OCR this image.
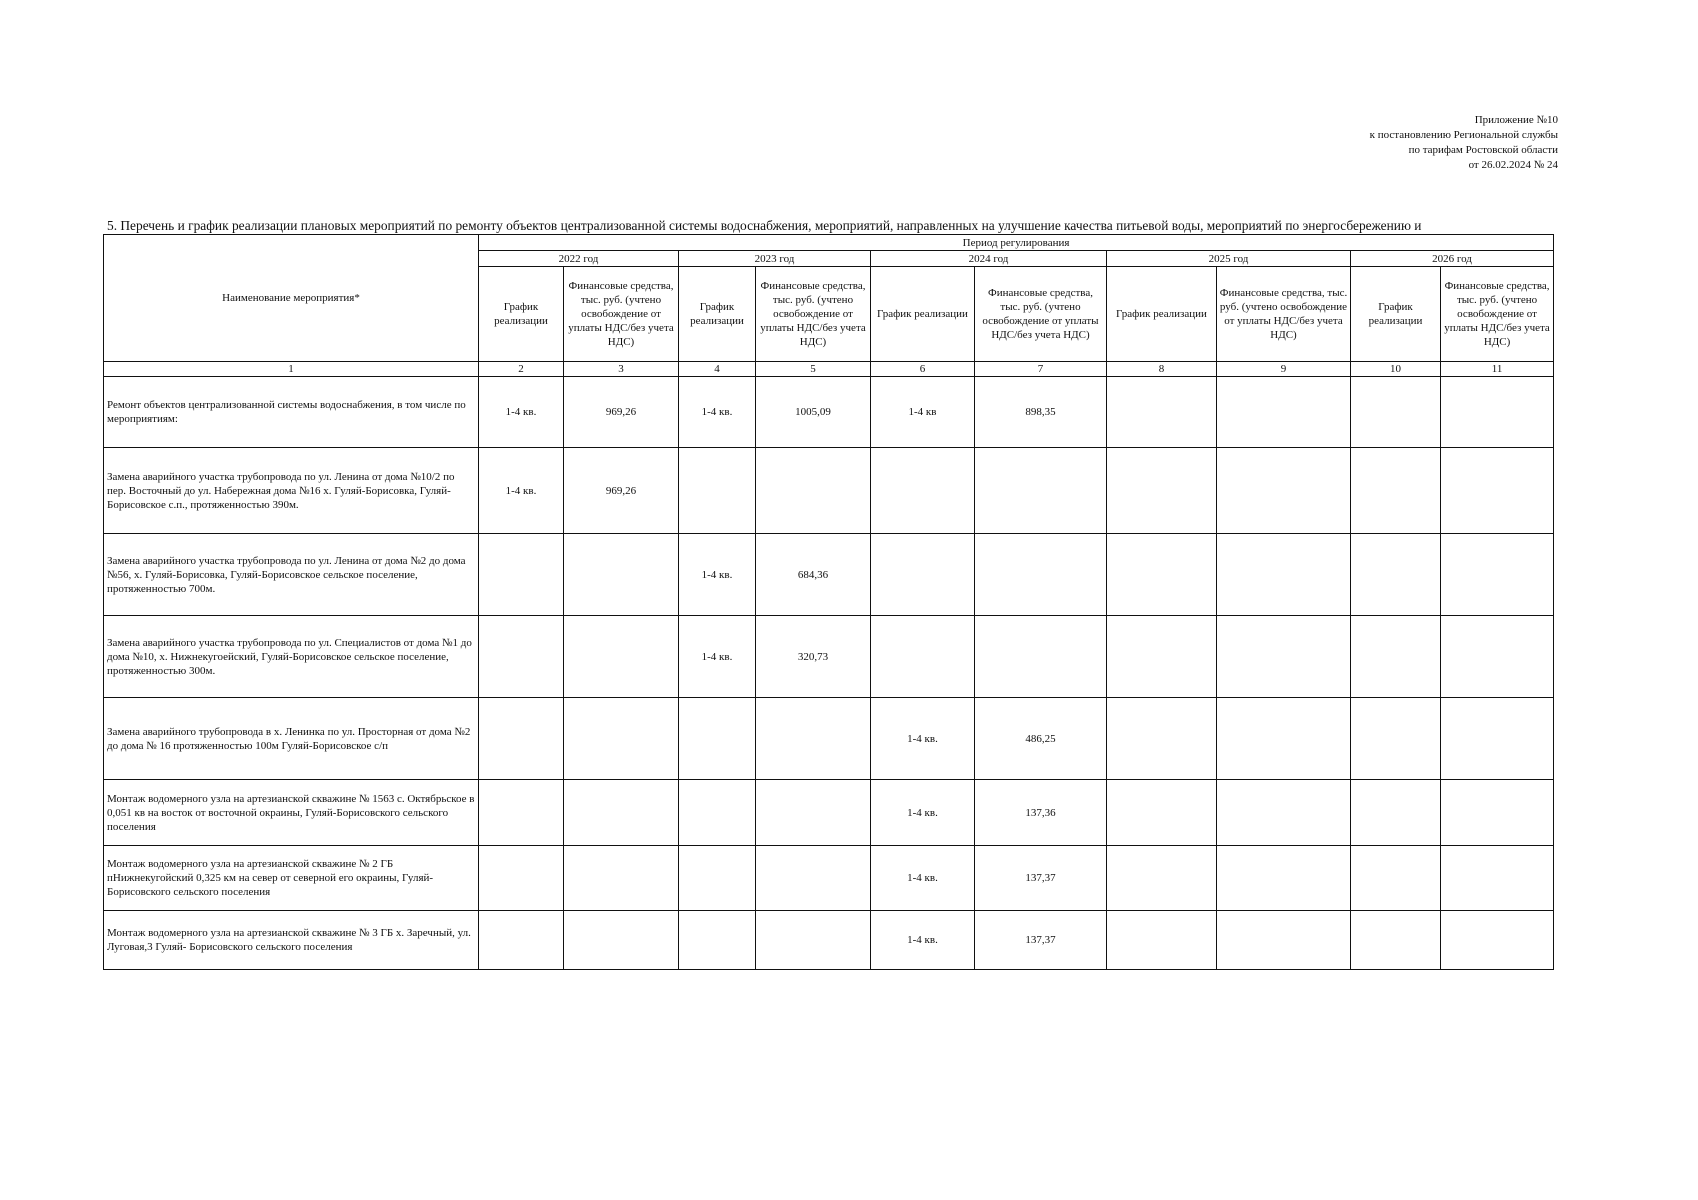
Приложение №10
к постановлению Региональной службы
по тарифам Ростовской области
от 26.02.2024 № 24
5. Перечень и график реализации плановых мероприятий по ремонту объектов централизованной системы водоснабжения, мероприятий, направленных на улучшение качества питьевой воды, мероприятий по энергосбережению и
Наименование мероприятия*	Период регулирования									
	2022 год		2023 год		2024 год		2025 год		2026 год	
	График реализации	Финансовые средства, тыс. руб. (учтено освобождение от уплаты НДС/без учета НДС)	График реализации	Финансовые средства, тыс. руб. (учтено освобождение от уплаты НДС/без учета НДС)	График реализации	Финансовые средства, тыс. руб. (учтено освобождение от уплаты НДС/без учета НДС)	График реализации	Финансовые средства, тыс. руб. (учтено освобождение от уплаты НДС/без учета НДС)	График реализации	Финансовые средства, тыс. руб. (учтено освобождение от уплаты НДС/без учета НДС)
1	2	3	4	5	6	7	8	9	10	11
Ремонт объектов централизованной системы водоснабжения, в том числе по мероприятиям:	1-4 кв.	969,26	1-4 кв.	1005,09	1-4 кв	898,35				
Замена аварийного участка трубопровода по ул. Ленина от дома №10/2 по пер. Восточный до ул. Набережная дома №16 х. Гуляй-Борисовка, Гуляй-Борисовское с.п., протяженностью 390м.	1-4 кв.	969,26								
Замена аварийного участка трубопровода по ул. Ленина от дома №2 до дома №56, х. Гуляй-Борисовка, Гуляй-Борисовское сельское поселение, протяженностью 700м.			1-4 кв.	684,36						
Замена аварийного участка трубопровода по ул. Специалистов от дома №1 до дома №10, х. Нижнекугоейский, Гуляй-Борисовское сельское поселение, протяженностью 300м.			1-4 кв.	320,73						
Замена аварийного трубопровода в х. Ленинка по ул. Просторная от дома №2 до дома № 16 протяженностью 100м Гуляй-Борисовское с/п					1-4 кв.	486,25				
Монтаж водомерного узла на артезианской скважине № 1563 с. Октябрьское в 0,051 кв на восток от восточной окраины, Гуляй-Борисовского сельского поселения					1-4 кв.	137,36				
Монтаж водомерного узла на артезианской скважине № 2 ГБ пНижнекугойский 0,325 км на север от северной его окраины, Гуляй-Борисовского сельского поселения					1-4 кв.	137,37				
Монтаж водомерного узла на артезианской скважине № 3 ГБ х. Заречный, ул. Луговая,3 Гуляй- Борисовского сельского поселения					1-4 кв.	137,37				
